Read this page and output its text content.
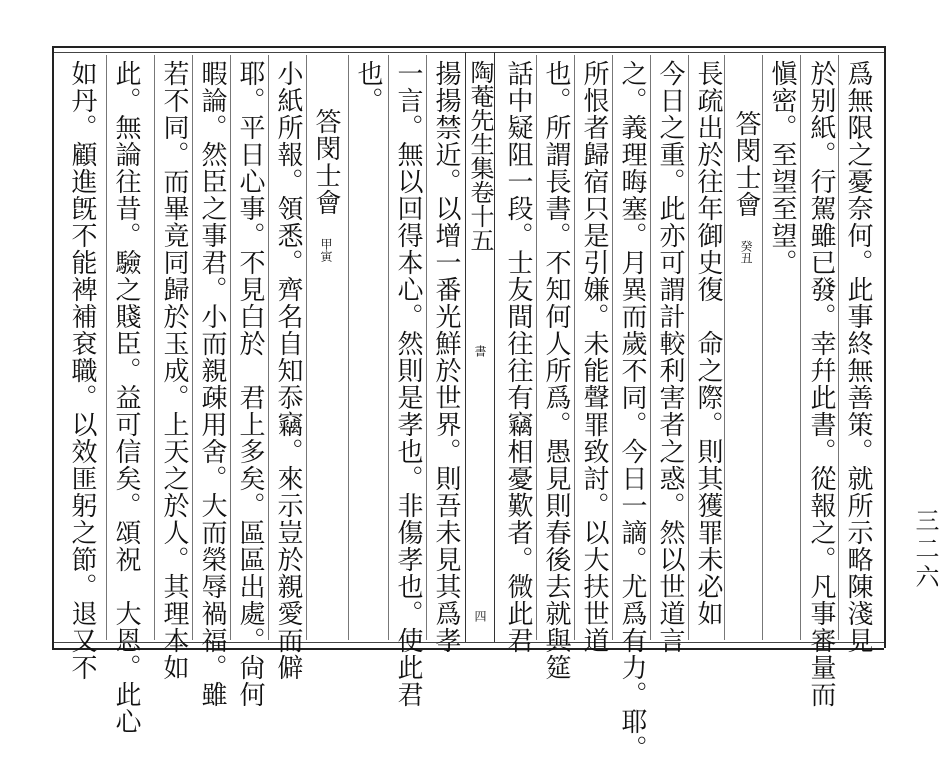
爲無限之憂奈何。此事終無善策。就所示略陳淺見
於别紙。行駕雖已發。幸幷此書。從報之。凡事審量而
愼密。至望至望。
答閔士會
癸丑
長疏出於往年御史復　命之際。則其獲罪未必如
今日之重。此亦可謂計較利害者之惑。然以世道言
之。義理晦塞。月異而歲不同。今日一謫。尤爲有力。耶。
所恨者歸宿只是引嫌。未能聲罪致討。以大扶世道
也。所謂長書。不知何人所爲。愚見則春後去就與筵
話中疑阻一段。士友間往往有竊相憂歎者。微此君
陶菴先生集卷十五
書
四
揚揚禁近。以增一番光鮮於世界。則吾未見其爲孝
也。 一言。無以回得本心。然則是孝也。非傷孝也。使此君
答閔士會
甲寅
小紙所報。領悉。齊名自知忝竊。來示豈於親愛而僻
耶。平日心事。不見白於　君上多矣。區區出處。尙何
暇論。然臣之事君。小而親疎用舍。大而榮辱禍福。雖
若不同。而畢竟同歸於玉成。上天之於人。其理本如
此。無論往昔。驗之賤臣。益可信矣。頌祝　大恩。此心
如丹。顧進旣不能裨補袞職。以效匪躬之節。退又不	三二六
